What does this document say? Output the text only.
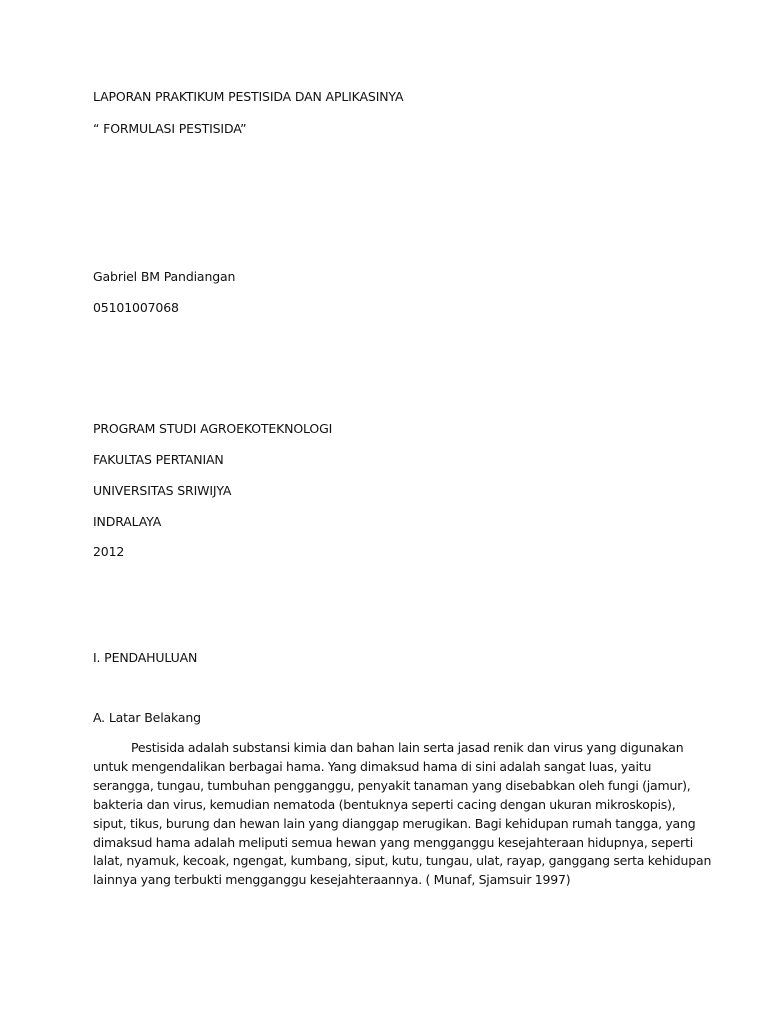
LAPORAN PRAKTIKUM PESTISIDA DAN APLIKASINYA
“ FORMULASI PESTISIDA”
Gabriel BM Pandiangan
05101007068
PROGRAM STUDI AGROEKOTEKNOLOGI
FAKULTAS PERTANIAN
UNIVERSITAS SRIWIJYA
INDRALAYA
2012
I. PENDAHULUAN
A. Latar Belakang
Pestisida adalah substansi kimia dan bahan lain serta jasad renik dan virus yang digunakan
untuk mengendalikan berbagai hama. Yang dimaksud hama di sini adalah sangat luas, yaitu
serangga, tungau, tumbuhan pengganggu, penyakit tanaman yang disebabkan oleh fungi (jamur),
bakteria dan virus, kemudian nematoda (bentuknya seperti cacing dengan ukuran mikroskopis),
siput, tikus, burung dan hewan lain yang dianggap merugikan. Bagi kehidupan rumah tangga, yang
dimaksud hama adalah meliputi semua hewan yang mengganggu kesejahteraan hidupnya, seperti
lalat, nyamuk, kecoak, ngengat, kumbang, siput, kutu, tungau, ulat, rayap, ganggang serta kehidupan
lainnya yang terbukti mengganggu kesejahteraannya. ( Munaf, Sjamsuir 1997)
